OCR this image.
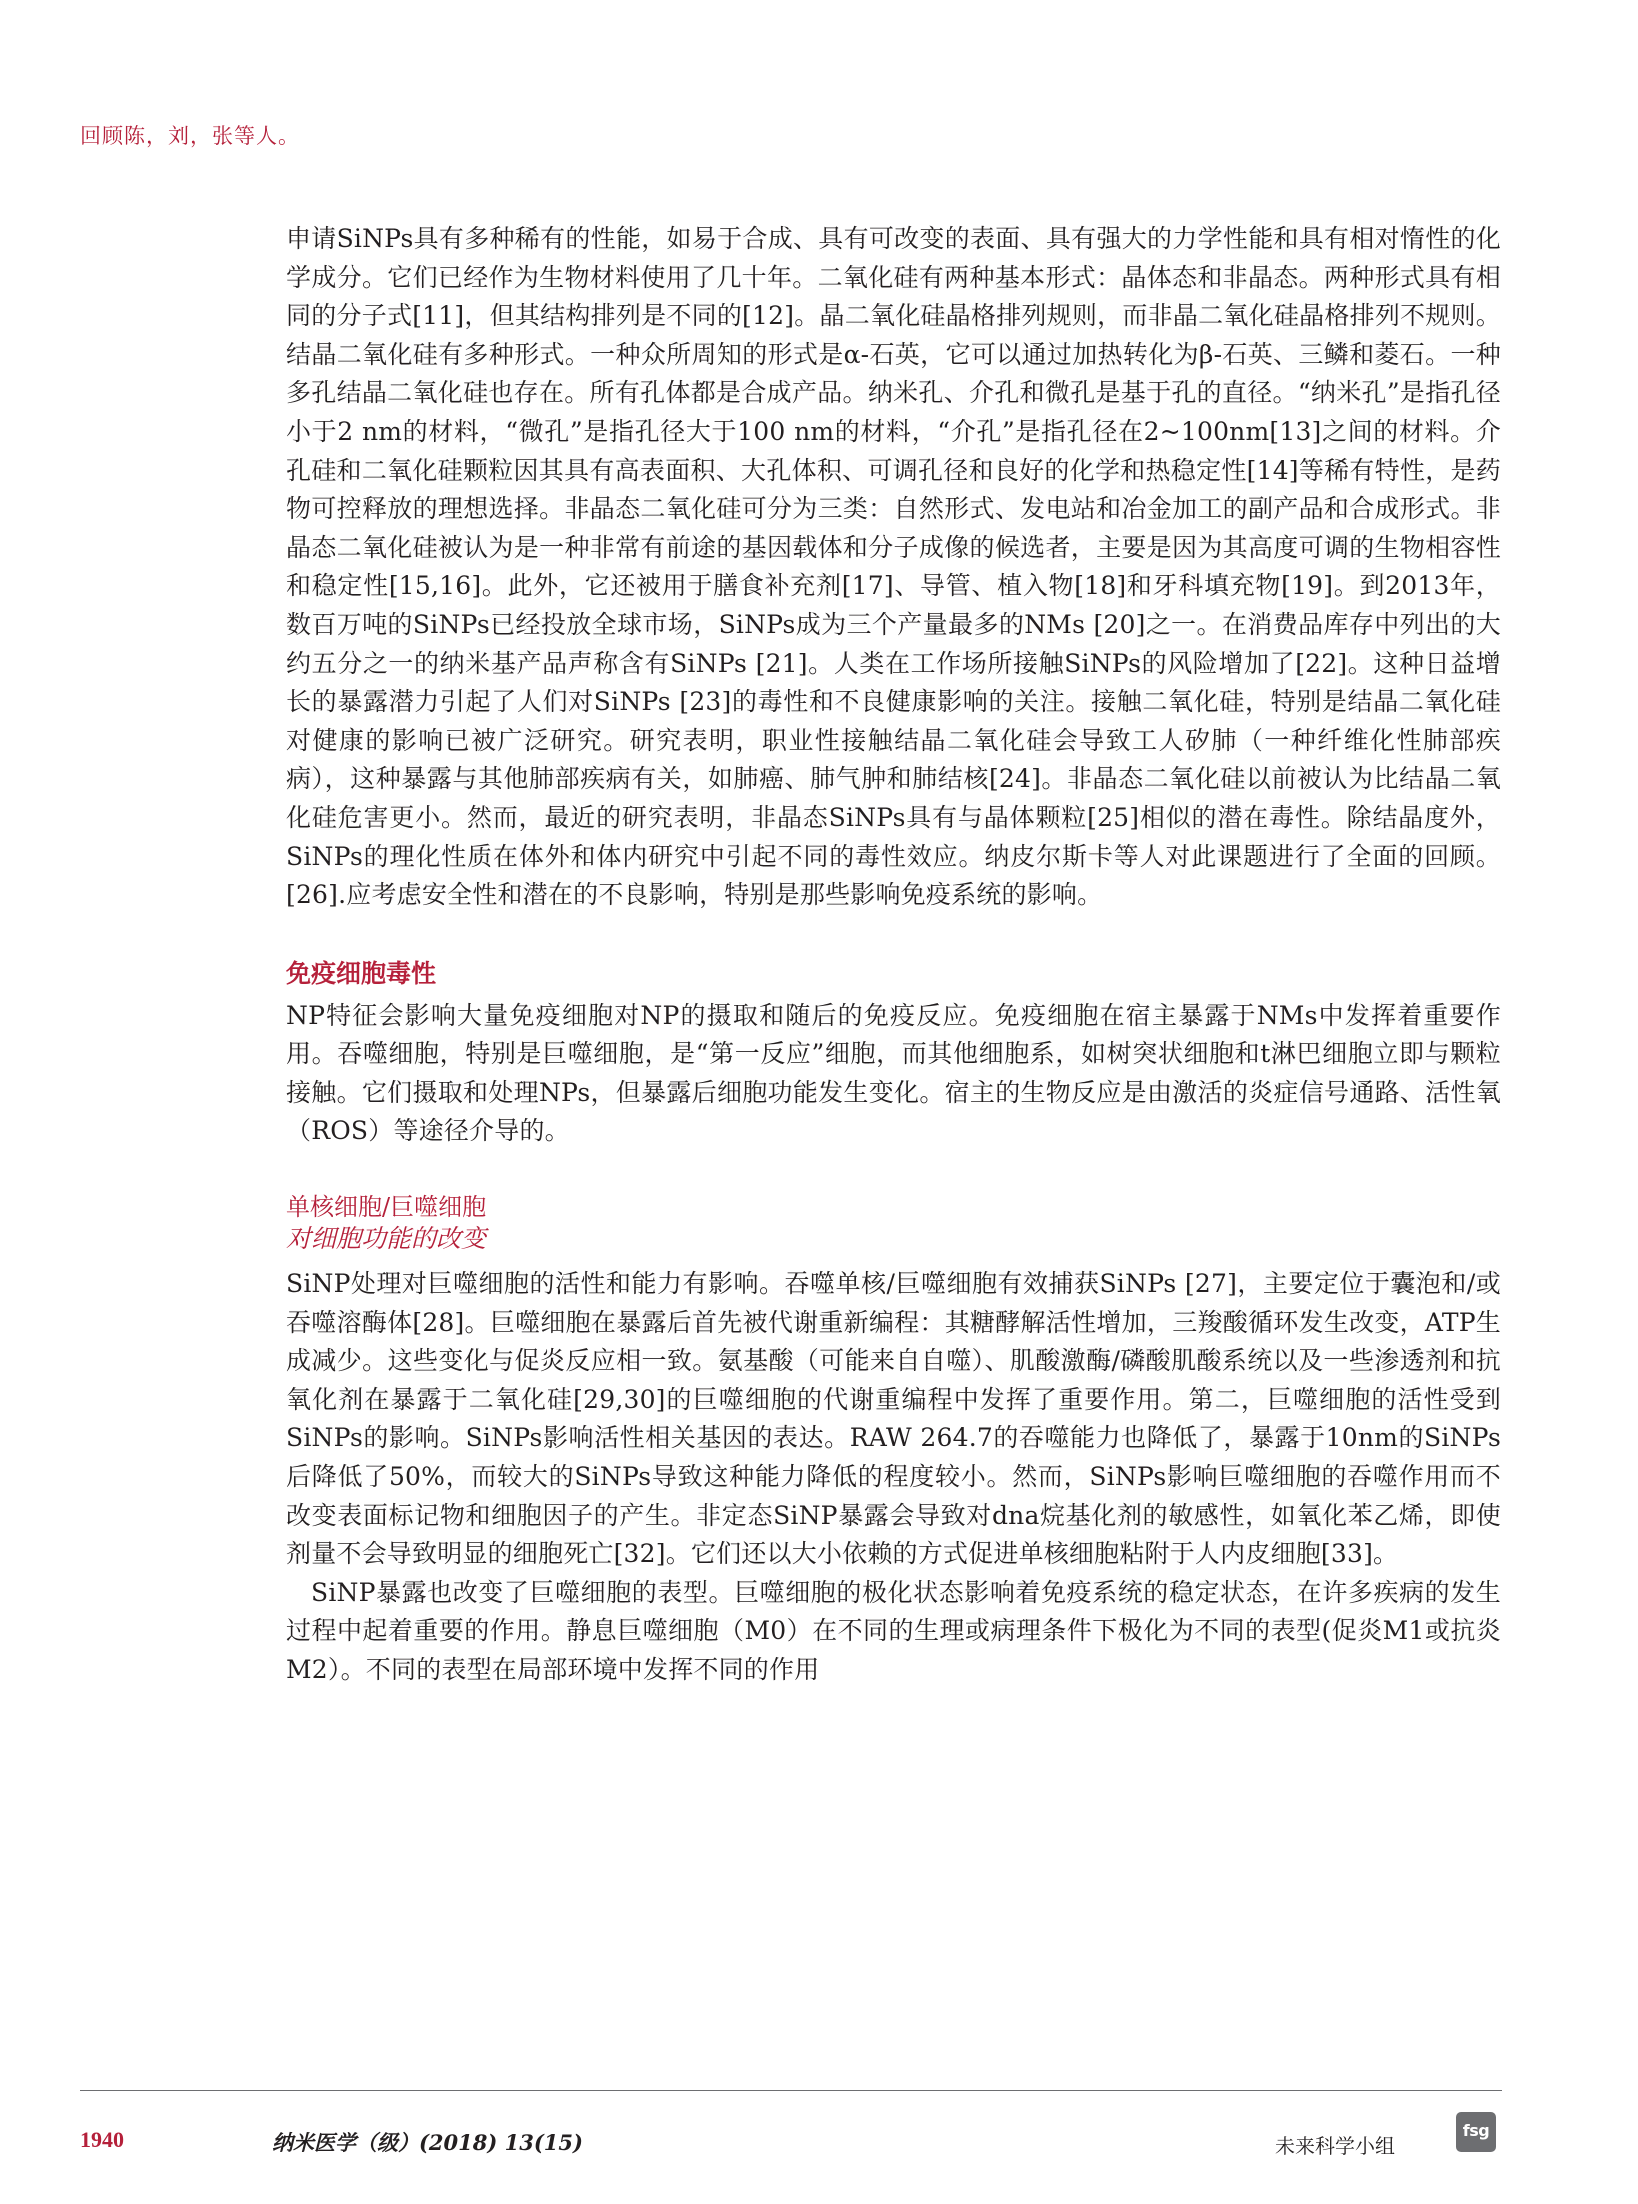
回顾陈，刘，张等人。

申请SiNPs具有多种稀有的性能，如易于合成、具有可改变的表面、具有强大的力学性能和具有相对惰性的化学成分。它们已经作为生物材料使用了几十年。二氧化硅有两种基本形式：晶体态和非晶态。两种形式具有相同的分子式[11]，但其结构排列是不同的[12]。晶二氧化硅晶格排列规则，而非晶二氧化硅晶格排列不规则。结晶二氧化硅有多种形式。一种众所周知的形式是α-石英，它可以通过加热转化为β-石英、三鳞和菱石。一种多孔结晶二氧化硅也存在。所有孔体都是合成产品。纳米孔、介孔和微孔是基于孔的直径。“纳米孔”是指孔径小于2 nm的材料，“微孔”是指孔径大于100 nm的材料，“介孔”是指孔径在2~100nm[13]之间的材料。介孔硅和二氧化硅颗粒因其具有高表面积、大孔体积、可调孔径和良好的化学和热稳定性[14]等稀有特性，是药物可控释放的理想选择。非晶态二氧化硅可分为三类：自然形式、发电站和冶金加工的副产品和合成形式。非晶态二氧化硅被认为是一种非常有前途的基因载体和分子成像的候选者，主要是因为其高度可调的生物相容性和稳定性[15,16]。此外，它还被用于膳食补充剂[17]、导管、植入物[18]和牙科填充物[19]。到2013年，数百万吨的SiNPs已经投放全球市场，SiNPs成为三个产量最多的NMs [20]之一。在消费品库存中列出的大约五分之一的纳米基产品声称含有SiNPs [21]。人类在工作场所接触SiNPs的风险增加了[22]。这种日益增长的暴露潜力引起了人们对SiNPs [23]的毒性和不良健康影响的关注。接触二氧化硅，特别是结晶二氧化硅对健康的影响已被广泛研究。研究表明，职业性接触结晶二氧化硅会导致工人矽肺（一种纤维化性肺部疾病），这种暴露与其他肺部疾病有关，如肺癌、肺气肿和肺结核[24]。非晶态二氧化硅以前被认为比结晶二氧化硅危害更小。然而，最近的研究表明，非晶态SiNPs具有与晶体颗粒[25]相似的潜在毒性。除结晶度外，SiNPs的理化性质在体外和体内研究中引起不同的毒性效应。纳皮尔斯卡等人对此课题进行了全面的回顾。[26].应考虑安全性和潜在的不良影响，特别是那些影响免疫系统的影响。

免疫细胞毒性

NP特征会影响大量免疫细胞对NP的摄取和随后的免疫反应。免疫细胞在宿主暴露于NMs中发挥着重要作用。吞噬细胞，特别是巨噬细胞，是“第一反应”细胞，而其他细胞系，如树突状细胞和t淋巴细胞立即与颗粒接触。它们摄取和处理NPs，但暴露后细胞功能发生变化。宿主的生物反应是由激活的炎症信号通路、活性氧（ROS）等途径介导的。

单核细胞/巨噬细胞
对细胞功能的改变

SiNP处理对巨噬细胞的活性和能力有影响。吞噬单核/巨噬细胞有效捕获SiNPs [27]，主要定位于囊泡和/或吞噬溶酶体[28]。巨噬细胞在暴露后首先被代谢重新编程：其糖酵解活性增加，三羧酸循环发生改变，ATP生成减少。这些变化与促炎反应相一致。氨基酸（可能来自自噬）、肌酸激酶/磷酸肌酸系统以及一些渗透剂和抗氧化剂在暴露于二氧化硅[29,30]的巨噬细胞的代谢重编程中发挥了重要作用。第二，巨噬细胞的活性受到SiNPs的影响。SiNPs影响活性相关基因的表达。RAW 264.7的吞噬能力也降低了，暴露于10nm的SiNPs后降低了50%，而较大的SiNPs导致这种能力降低的程度较小。然而，SiNPs影响巨噬细胞的吞噬作用而不改变表面标记物和细胞因子的产生。非定态SiNP暴露会导致对dna烷基化剂的敏感性，如氧化苯乙烯，即使剂量不会导致明显的细胞死亡[32]。它们还以大小依赖的方式促进单核细胞粘附于人内皮细胞[33]。

SiNP暴露也改变了巨噬细胞的表型。巨噬细胞的极化状态影响着免疫系统的稳定状态，在许多疾病的发生过程中起着重要的作用。静息巨噬细胞（M0）在不同的生理或病理条件下极化为不同的表型(促炎M1或抗炎M2）。不同的表型在局部环境中发挥不同的作用

1940	纳米医学（级）(2018) 13(15)	未来科学小组
fsg
